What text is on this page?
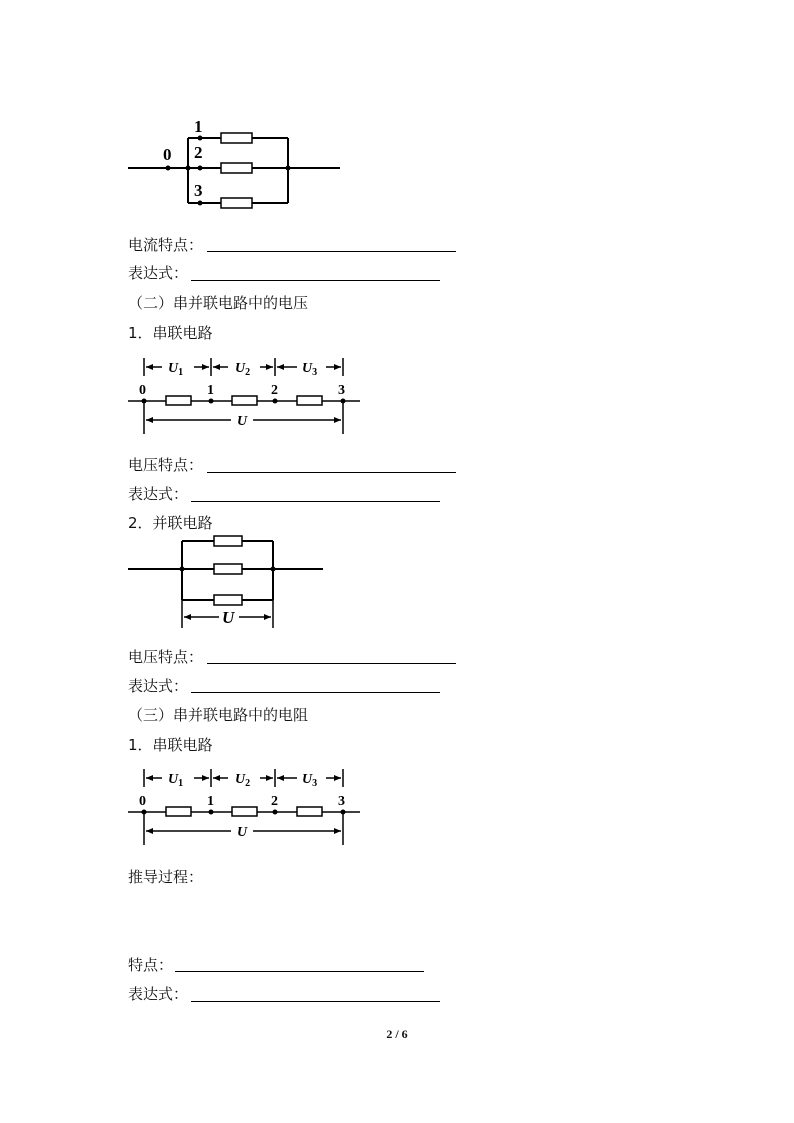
0
1
2
3
电流特点：
表达式：
（二）串并联电路中的电压
1．串联电路
$U_1$	$U_2$	$U_3$
0	1	2	3
U
电压特点：
表达式：
2．并联电路
U
电压特点：
表达式：
（三）串并联电路中的电阻
1．串联电路
$U_1$	$U_2$	$U_3$
0	1	2	3
U
推导过程：
特点：
表达式：
2 / 6
